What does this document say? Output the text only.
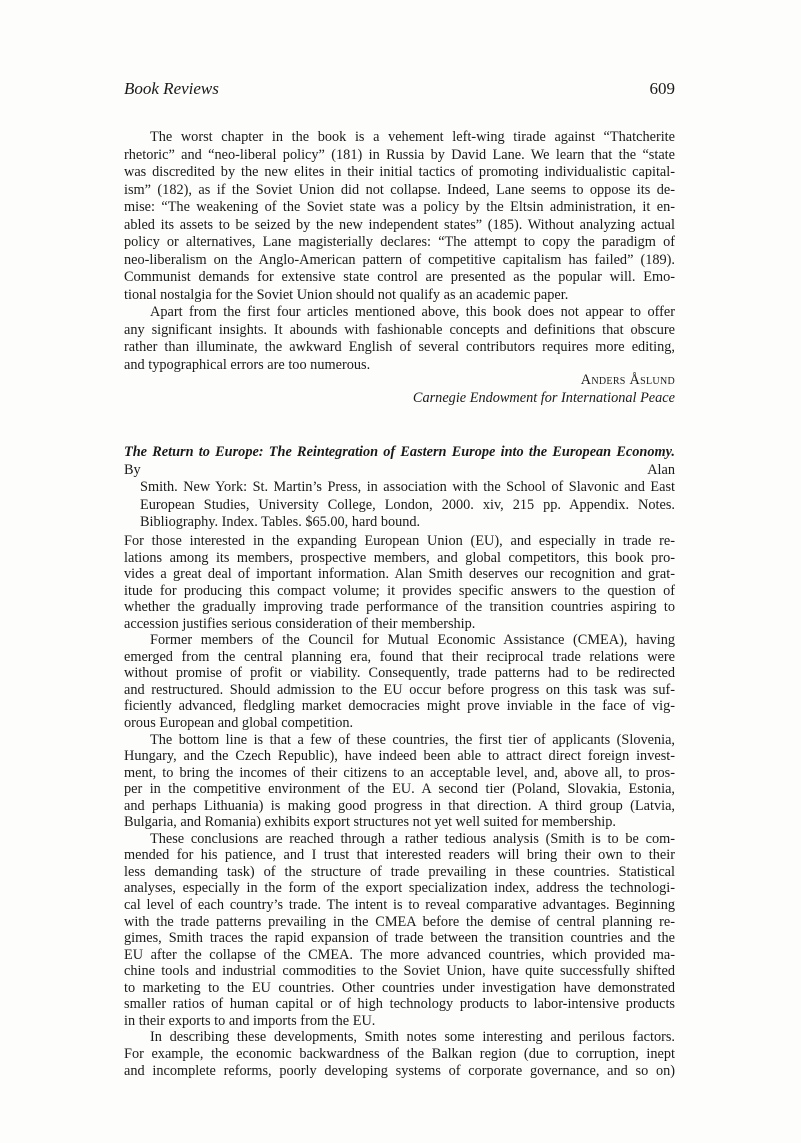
Book Reviews	609
The worst chapter in the book is a vehement left-wing tirade against “Thatcherite
rhetoric” and “neo-liberal policy” (181) in Russia by David Lane. We learn that the “state
was discredited by the new elites in their initial tactics of promoting individualistic capital-
ism” (182), as if the Soviet Union did not collapse. Indeed, Lane seems to oppose its de-
mise: “The weakening of the Soviet state was a policy by the Eltsin administration, it en-
abled its assets to be seized by the new independent states” (185). Without analyzing actual
policy or alternatives, Lane magisterially declares: “The attempt to copy the paradigm of
neo-liberalism on the Anglo-American pattern of competitive capitalism has failed” (189).
Communist demands for extensive state control are presented as the popular will. Emo-
tional nostalgia for the Soviet Union should not qualify as an academic paper.
Apart from the first four articles mentioned above, this book does not appear to offer
any significant insights. It abounds with fashionable concepts and definitions that obscure
rather than illuminate, the awkward English of several contributors requires more editing,
and typographical errors are too numerous.
Anders Åslund
Carnegie Endowment for International Peace
The Return to Europe: The Reintegration of Eastern Europe into the European Economy. By Alan
Smith. New York: St. Martin’s Press, in association with the School of Slavonic and East
European Studies, University College, London, 2000. xiv, 215 pp. Appendix. Notes.
Bibliography. Index. Tables. $65.00, hard bound.
For those interested in the expanding European Union (EU), and especially in trade re-
lations among its members, prospective members, and global competitors, this book pro-
vides a great deal of important information. Alan Smith deserves our recognition and grat-
itude for producing this compact volume; it provides specific answers to the question of
whether the gradually improving trade performance of the transition countries aspiring to
accession justifies serious consideration of their membership.
Former members of the Council for Mutual Economic Assistance (CMEA), having
emerged from the central planning era, found that their reciprocal trade relations were
without promise of profit or viability. Consequently, trade patterns had to be redirected
and restructured. Should admission to the EU occur before progress on this task was suf-
ficiently advanced, fledgling market democracies might prove inviable in the face of vig-
orous European and global competition.
The bottom line is that a few of these countries, the first tier of applicants (Slovenia,
Hungary, and the Czech Republic), have indeed been able to attract direct foreign invest-
ment, to bring the incomes of their citizens to an acceptable level, and, above all, to pros-
per in the competitive environment of the EU. A second tier (Poland, Slovakia, Estonia,
and perhaps Lithuania) is making good progress in that direction. A third group (Latvia,
Bulgaria, and Romania) exhibits export structures not yet well suited for membership.
These conclusions are reached through a rather tedious analysis (Smith is to be com-
mended for his patience, and I trust that interested readers will bring their own to their
less demanding task) of the structure of trade prevailing in these countries. Statistical
analyses, especially in the form of the export specialization index, address the technologi-
cal level of each country’s trade. The intent is to reveal comparative advantages. Beginning
with the trade patterns prevailing in the CMEA before the demise of central planning re-
gimes, Smith traces the rapid expansion of trade between the transition countries and the
EU after the collapse of the CMEA. The more advanced countries, which provided ma-
chine tools and industrial commodities to the Soviet Union, have quite successfully shifted
to marketing to the EU countries. Other countries under investigation have demonstrated
smaller ratios of human capital or of high technology products to labor-intensive products
in their exports to and imports from the EU.
In describing these developments, Smith notes some interesting and perilous factors.
For example, the economic backwardness of the Balkan region (due to corruption, inept
and incomplete reforms, poorly developing systems of corporate governance, and so on)
